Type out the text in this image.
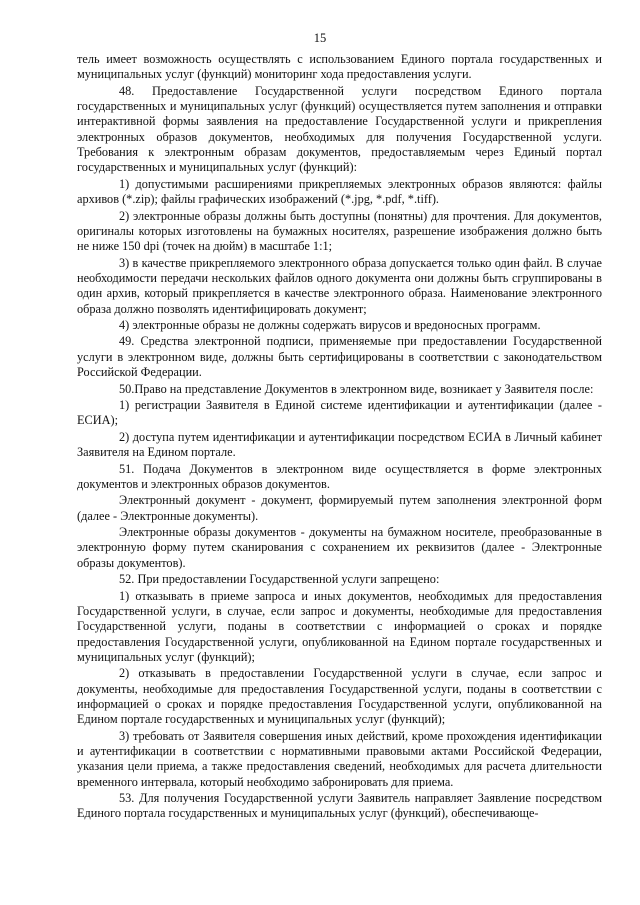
15

тель имеет возможность осуществлять с использованием Единого портала государственных и муниципальных услуг (функций) мониторинг хода предоставления услуги.

48. Предоставление Государственной услуги посредством Единого портала государственных и муниципальных услуг (функций) осуществляется путем заполнения и отправки интерактивной формы заявления на предоставление Государственной услуги и прикрепления электронных образов документов, необходимых для получения Государственной услуги. Требования к электронным образам документов, предоставляемым через Единый портал государственных и муниципальных услуг (функций):

1) допустимыми расширениями прикрепляемых электронных образов являются: файлы архивов (*.zip); файлы графических изображений (*.jpg, *.pdf, *.tiff).

2) электронные образы должны быть доступны (понятны) для прочтения. Для документов, оригиналы которых изготовлены на бумажных носителях, разрешение изображения должно быть не ниже 150 dpi (точек на дюйм) в масштабе 1:1;

3) в качестве прикрепляемого электронного образа допускается только один файл. В случае необходимости передачи нескольких файлов одного документа они должны быть сгруппированы в один архив, который прикрепляется в качестве электронного образа. Наименование электронного образа должно позволять идентифицировать документ;

4) электронные образы не должны содержать вирусов и вредоносных программ.

49. Средства электронной подписи, применяемые при предоставлении Государственной услуги в электронном виде, должны быть сертифицированы в соответствии с законодательством Российской Федерации.

50.Право на представление Документов в электронном виде, возникает у Заявителя после:

1) регистрации Заявителя в Единой системе идентификации и аутентификации (далее - ЕСИА);

2) доступа путем идентификации и аутентификации посредством ЕСИА в Личный кабинет Заявителя на Едином портале.

51. Подача Документов в электронном виде осуществляется в форме электронных документов и электронных образов документов.

Электронный документ - документ, формируемый путем заполнения электронной форм (далее - Электронные документы).

Электронные образы документов - документы на бумажном носителе, преобразованные в электронную форму путем сканирования с сохранением их реквизитов (далее - Электронные образы документов).

52. При предоставлении Государственной услуги запрещено:

1) отказывать в приеме запроса и иных документов, необходимых для предоставления Государственной услуги, в случае, если запрос и документы, необходимые для предоставления Государственной услуги, поданы в соответствии с информацией о сроках и порядке предоставления Государственной услуги, опубликованной на Едином портале государственных и муниципальных услуг (функций);

2) отказывать в предоставлении Государственной услуги в случае, если запрос и документы, необходимые для предоставления Государственной услуги, поданы в соответствии с информацией о сроках и порядке предоставления Государственной услуги, опубликованной на Едином портале государственных и муниципальных услуг (функций);

3) требовать от Заявителя совершения иных действий, кроме прохождения идентификации и аутентификации в соответствии с нормативными правовыми актами Российской Федерации, указания цели приема, а также предоставления сведений, необходимых для расчета длительности временного интервала, который необходимо забронировать для приема.

53. Для получения Государственной услуги Заявитель направляет Заявление посредством Единого портала государственных и муниципальных услуг (функций), обеспечивающе-
